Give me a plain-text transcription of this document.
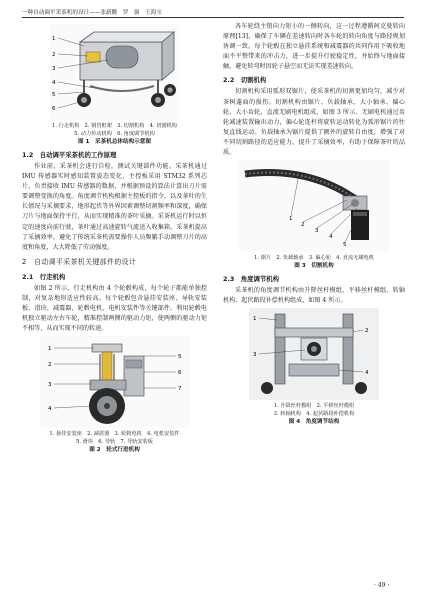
一种自动调平采茶机的设计——张新鹏　罗　强　王海宝
1
2
3
4
5
6
1. 行走机构　2. 钢管框架　3. 切割机构　4. 切割机构
5. 动力传动机构　6. 角度调节机构
图 1　采茶机总体结构示意图
1.2　自动调平采茶机的工作原理

作业前，采茶机会进行自检，测试关键部件功能。采茶机通过 IMU 传感器实时感知装置姿态变化，主控板采用 STM32 系列芯片，负责接收 IMU 传感器的数据，并根据预设的算法计算出刀片需要调整变换的角度。角度调节机构根据主控板的指令，以及茶叶的生长情况与采摘要求，地形起伏等外界因素调整切割频率和深度，确保刀片与地面保持平行，从而实现精准的茶叶采摘。采茶机运行时以恒定的速度向前行驶，茶叶通过高速旋转气流送入收集箱。采茶机提高了采摘效率，避免了传统采茶机需要操作人员频繁手动调整刀片的高度和角度，大大降低了劳动强度。

2　自动调平采茶机关键部件的设计
2.1　行走机构

如图 2 所示，行走机构由 4 个轮毂构成，每个轮子都能单独控制，对复杂地形适应性较高。每个轮毂包含悬挂安装座、导轨安装板、滑块、减震器、轮毂电机、电机安装件等关键部件。利用轮毂电机独立驱动左右车轮，精准控制两侧的驱动力矩，使两侧的驱动力矩不相等，从而实现不同的转速。

1
2
3
4
5
6
7
1. 悬挂安装座　2. 减震器　3. 轮毂电机　4. 电机安装件
5. 滑块　6. 导轨　7. 导轨安装板
图 2　轮式行进机构

各车轮绕主销向力矩小的一侧转向，这一过程遵循阿克曼转向原理[13]，确保了车辆在差速转向时各车轮的转向角度与路径规划协调一致。每个轮毂在独立悬挂系统和减震器的共同作用下吸收地面不平整带来的冲击力，进一步提升行驶稳定性，并始终与地面接触，避免转弯时因轮子悬空而无法实现差速转向。

2.2　切割机构

切割机构采用弧形双锯片，使采茶机的切割更加均匀，减少对茶树蓬面的损伤。切割机构由锯片、负载轴承、大小轴承、偏心轮、大小齿轮、直流无刷电机组成，如图 3 所示。无刷电机通过齿轮减速装置输出动力，偏心轮连杆将旋转运动转化为弧形锯片的往复直线运动。负载轴承为锯片提供了额外的旋转自由度，增强了对不同切割路径的适应能力，提升了采摘效率，有助于保障茶叶的品质。

1
2
3
4
5
1. 锯片　2. 负载轴承　3. 偏心轮　4. 直流无刷电机
图 3　切割机构
2.3　角度调节机构

采茶机的角度调节机构由升降丝杆模组、平移丝杆模组、转轴机构、起伏路段补偿机构组成，如图 4 所示。

1
3
2
4
1. 升降丝杆模组　2. 平移丝杆模组
3. 转轴机构　4. 起伏路段补偿机构
图 4　角度调节结构
· 49 ·
